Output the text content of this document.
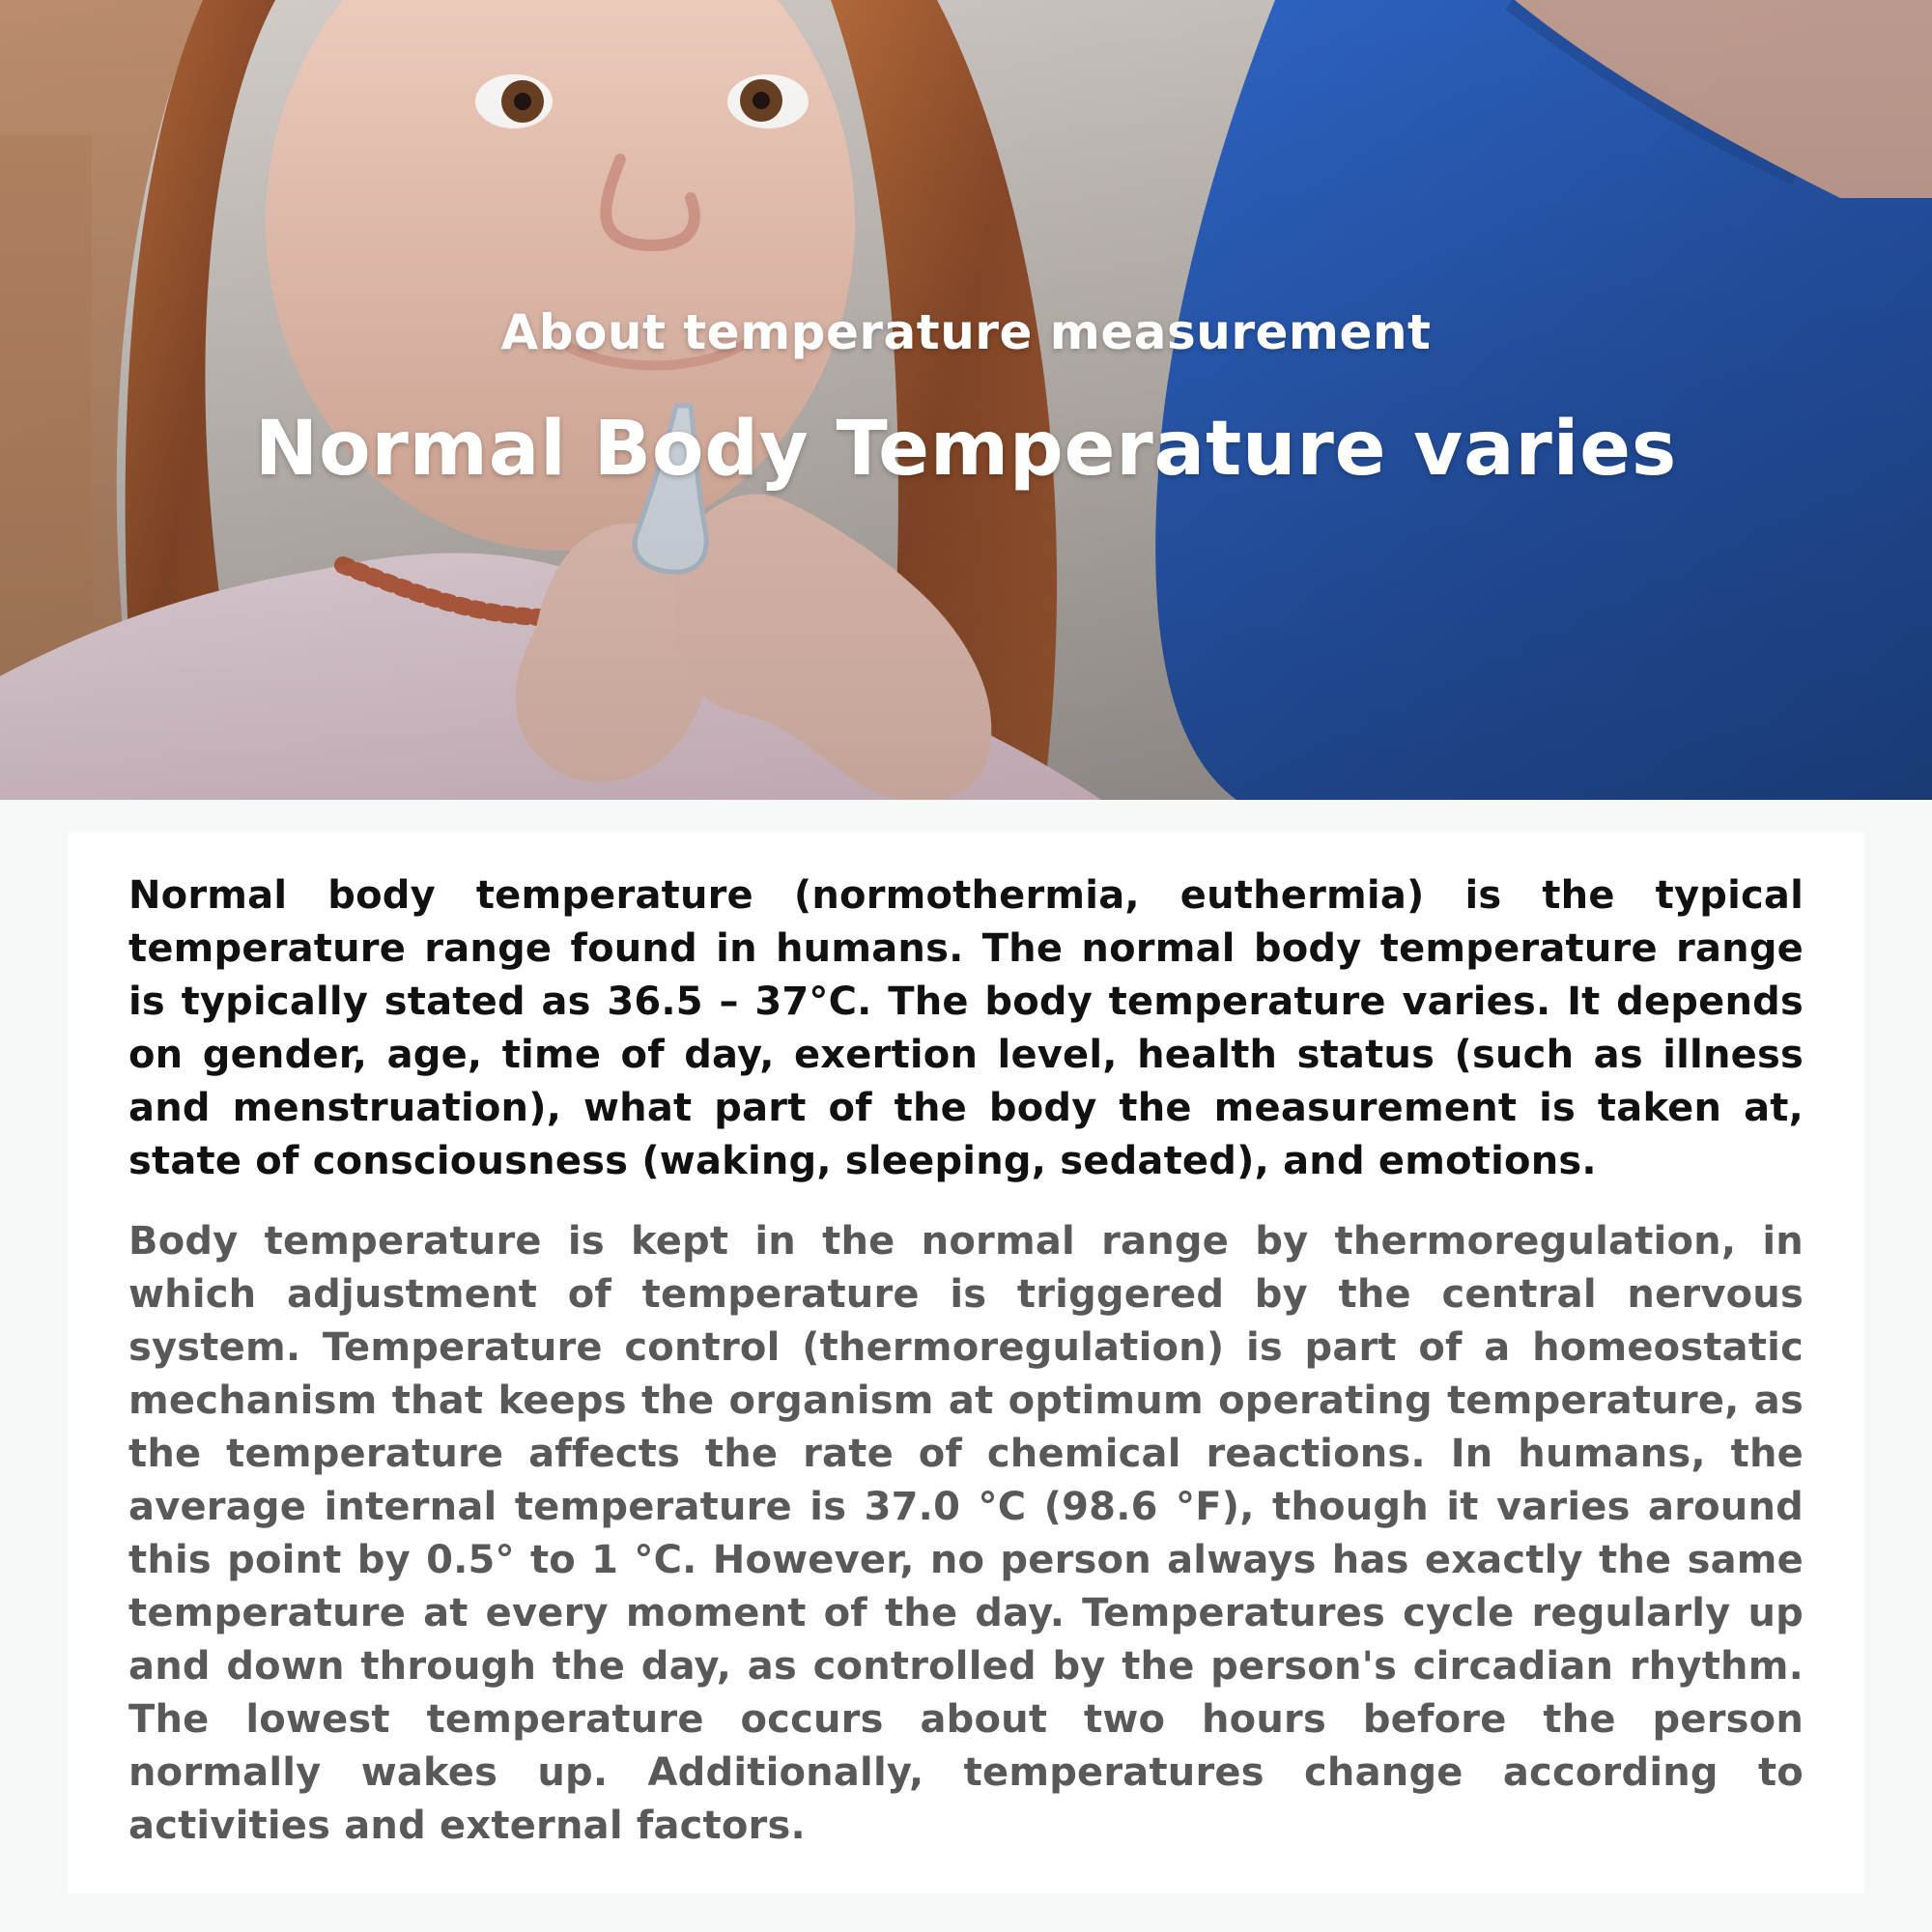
About temperature measurement
Normal Body Temperature varies

Normal body temperature (normothermia, euthermia) is the typical temperature range found in humans. The normal body temperature range is typically stated as 36.5 – 37°C. The body temperature varies. It depends on gender, age, time of day, exertion level, health status (such as illness and menstruation), what part of the body the measurement is taken at, state of consciousness (waking, sleeping, sedated), and emotions.

Body temperature is kept in the normal range by thermoregulation, in which adjustment of temperature is triggered by the central nervous system. Temperature control (thermoregulation) is part of a homeostatic mechanism that keeps the organism at optimum operating temperature, as the temperature affects the rate of chemical reactions. In humans, the average internal temperature is 37.0 °C (98.6 °F), though it varies around this point by 0.5° to 1 °C. However, no person always has exactly the same temperature at every moment of the day. Temperatures cycle regularly up and down through the day, as controlled by the person's circadian rhythm. The lowest temperature occurs about two hours before the person normally wakes up. Additionally, temperatures change according to activities and external factors.
